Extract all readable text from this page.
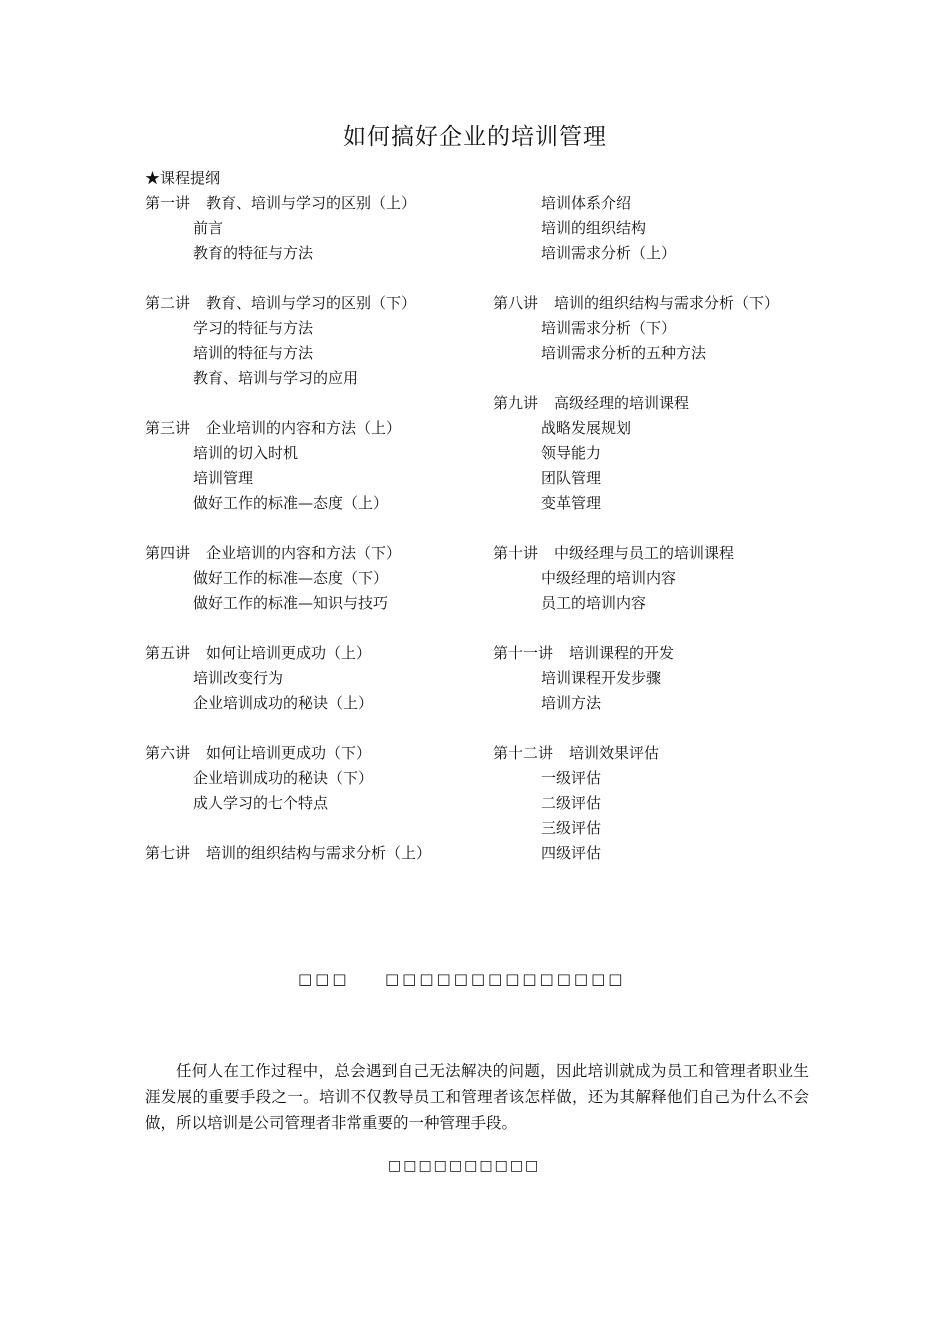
如何搞好企业的培训管理
★课程提纲
第一讲 教育、培训与学习的区别（上）
前言
教育的特征与方法
第二讲 教育、培训与学习的区别（下）
学习的特征与方法
培训的特征与方法
教育、培训与学习的应用
第三讲 企业培训的内容和方法（上）
培训的切入时机
培训管理
做好工作的标准—态度（上）
第四讲 企业培训的内容和方法（下）
做好工作的标准—态度（下）
做好工作的标准—知识与技巧
第五讲 如何让培训更成功（上）
培训改变行为
企业培训成功的秘诀（上）
第六讲 如何让培训更成功（下）
企业培训成功的秘诀（下）
成人学习的七个特点
第七讲 培训的组织结构与需求分析（上）
培训体系介绍
培训的组织结构
培训需求分析（上）
第八讲 培训的组织结构与需求分析（下）
培训需求分析（下）
培训需求分析的五种方法
第九讲 高级经理的培训课程
战略发展规划
领导能力
团队管理
变革管理
第十讲 中级经理与员工的培训课程
中级经理的培训内容
员工的培训内容
第十一讲 培训课程的开发
培训课程开发步骤
培训方法
第十二讲 培训效果评估
一级评估
二级评估
三级评估
四级评估
□□□ □□□□□□□□□□□□□□
任何人在工作过程中，总会遇到自己无法解决的问题，因此培训就成为员工和管理者职业生涯发展的重要手段之一。培训不仅教导员工和管理者该怎样做，还为其解释他们自己为什么不会做，所以培训是公司管理者非常重要的一种管理手段。
□□□□□□□□□□
